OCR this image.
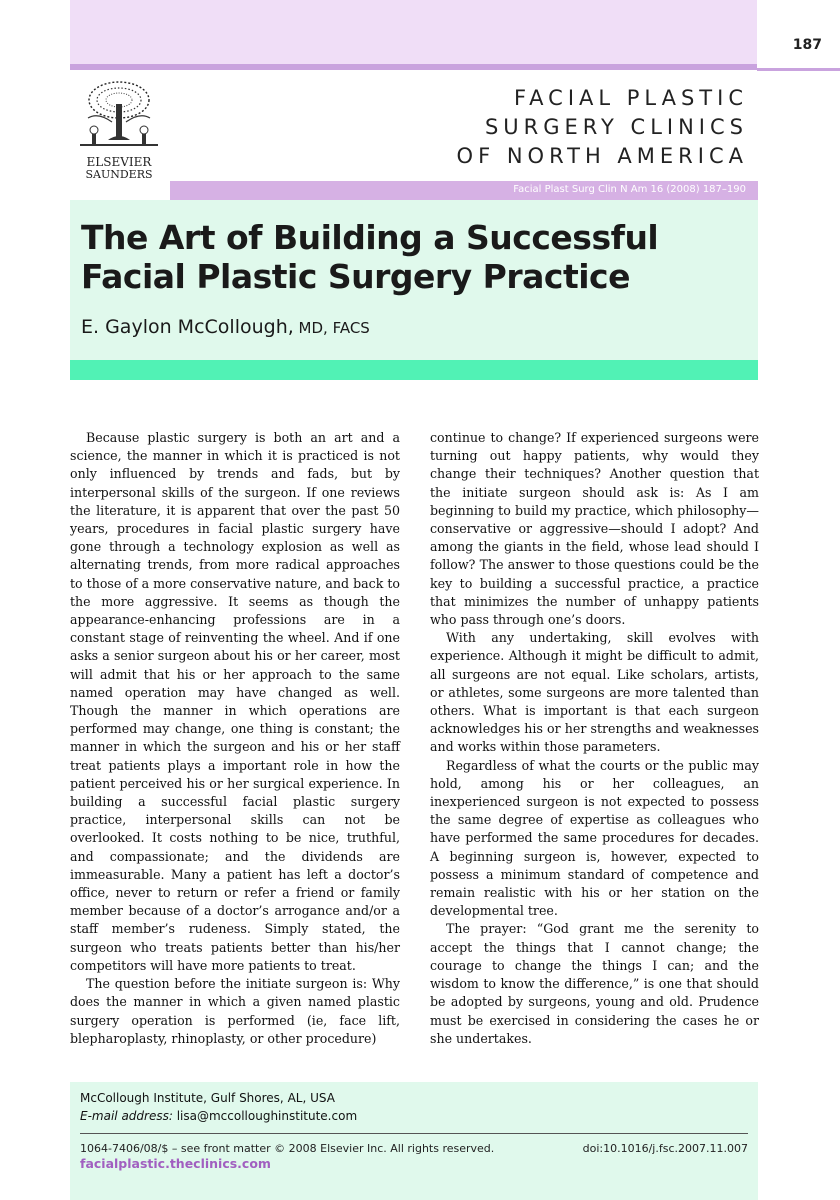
187
ELSEVIER
SAUNDERS
FACIAL PLASTIC
SURGERY CLINICS
OF NORTH AMERICA
Facial Plast Surg Clin N Am 16 (2008) 187–190
The Art of Building a Successful
Facial Plastic Surgery Practice
E. Gaylon McCollough, MD, FACS

Because plastic surgery is both an art and a science, the manner in which it is practiced is not only influenced by trends and fads, but by interpersonal skills of the surgeon. If one reviews the literature, it is apparent that over the past 50 years, procedures in facial plastic surgery have gone through a technology explosion as well as alternating trends, from more radical approaches to those of a more conservative nature, and back to the more aggressive. It seems as though the appearance-enhancing professions are in a constant stage of reinventing the wheel. And if one asks a senior surgeon about his or her career, most will admit that his or her approach to the same named operation may have changed as well. Though the manner in which operations are performed may change, one thing is constant; the manner in which the surgeon and his or her staff treat patients plays a important role in how the patient perceived his or her surgical experience. In building a successful facial plastic surgery practice, interpersonal skills can not be overlooked. It costs nothing to be nice, truthful, and compassionate; and the dividends are immeasurable. Many a patient has left a doctor’s office, never to return or refer a friend or family member because of a doctor’s arrogance and/or a staff member’s rudeness. Simply stated, the surgeon who treats patients better than his/her competitors will have more patients to treat.

The question before the initiate surgeon is: Why does the manner in which a given named plastic surgery operation is performed (ie, face lift, blepharoplasty, rhinoplasty, or other procedure)

continue to change? If experienced surgeons were turning out happy patients, why would they change their techniques? Another question that the initiate surgeon should ask is: As I am beginning to build my practice, which philosophy—conservative or aggressive—should I adopt? And among the giants in the field, whose lead should I follow? The answer to those questions could be the key to building a successful practice, a practice that minimizes the number of unhappy patients who pass through one’s doors.

With any undertaking, skill evolves with experience. Although it might be difficult to admit, all surgeons are not equal. Like scholars, artists, or athletes, some surgeons are more talented than others. What is important is that each surgeon acknowledges his or her strengths and weaknesses and works within those parameters.

Regardless of what the courts or the public may hold, among his or her colleagues, an inexperienced surgeon is not expected to possess the same degree of expertise as colleagues who have performed the same procedures for decades. A beginning surgeon is, however, expected to possess a minimum standard of competence and remain realistic with his or her station on the developmental tree.

The prayer: “God grant me the serenity to accept the things that I cannot change; the courage to change the things I can; and the wisdom to know the difference,” is one that should be adopted by surgeons, young and old. Prudence must be exercised in considering the cases he or she undertakes.

McCollough Institute, Gulf Shores, AL, USA
E-mail address: lisa@mccolloughinstitute.com
1064-7406/08/$ – see front matter © 2008 Elsevier Inc. All rights reserved.	doi:10.1016/j.fsc.2007.11.007
facialplastic.theclinics.com
